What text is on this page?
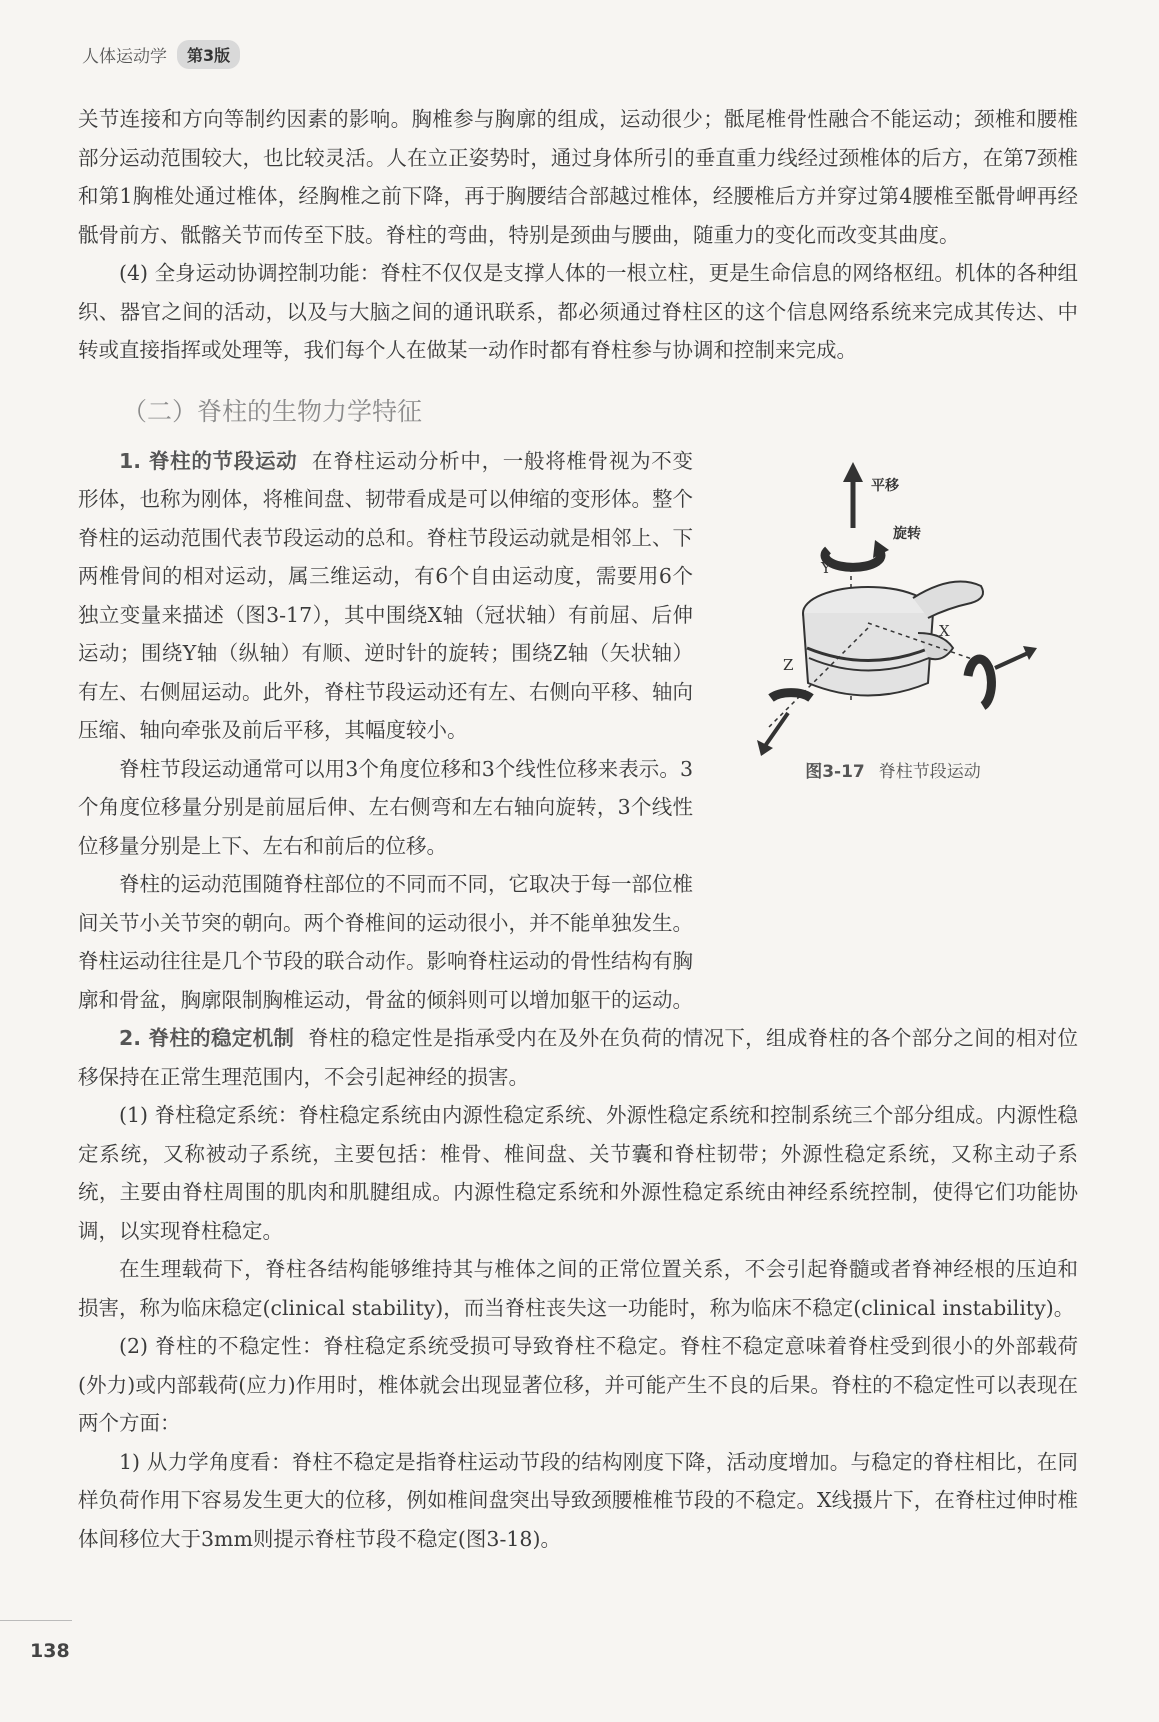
人体运动学	第3版

关节连接和方向等制约因素的影响。胸椎参与胸廓的组成，运动很少；骶尾椎骨性融合不能运动；颈椎和腰椎部分运动范围较大，也比较灵活。人在立正姿势时，通过身体所引的垂直重力线经过颈椎体的后方，在第7颈椎和第1胸椎处通过椎体，经胸椎之前下降，再于胸腰结合部越过椎体，经腰椎后方并穿过第4腰椎至骶骨岬再经骶骨前方、骶髂关节而传至下肢。脊柱的弯曲，特别是颈曲与腰曲，随重力的变化而改变其曲度。

(4) 全身运动协调控制功能：脊柱不仅仅是支撑人体的一根立柱，更是生命信息的网络枢纽。机体的各种组织、器官之间的活动，以及与大脑之间的通讯联系，都必须通过脊柱区的这个信息网络系统来完成其传达、中转或直接指挥或处理等，我们每个人在做某一动作时都有脊柱参与协调和控制来完成。

（二）脊柱的生物力学特征

1. 脊柱的节段运动 在脊柱运动分析中，一般将椎骨视为不变形体，也称为刚体，将椎间盘、韧带看成是可以伸缩的变形体。整个脊柱的运动范围代表节段运动的总和。脊柱节段运动就是相邻上、下两椎骨间的相对运动，属三维运动，有6个自由运动度，需要用6个独立变量来描述（图3-17），其中围绕X轴（冠状轴）有前屈、后伸运动；围绕Y轴（纵轴）有顺、逆时针的旋转；围绕Z轴（矢状轴）有左、右侧屈运动。此外，脊柱节段运动还有左、右侧向平移、轴向压缩、轴向牵张及前后平移，其幅度较小。

脊柱节段运动通常可以用3个角度位移和3个线性位移来表示。3个角度位移量分别是前屈后伸、左右侧弯和左右轴向旋转，3个线性位移量分别是上下、左右和前后的位移。

脊柱的运动范围随脊柱部位的不同而不同，它取决于每一部位椎间关节小关节突的朝向。两个脊椎间的运动很小，并不能单独发生。脊柱运动往往是几个节段的联合动作。影响脊柱运动的骨性结构有胸廓和骨盆，胸廓限制胸椎运动，骨盆的倾斜则可以增加躯干的运动。

平移
旋转
Y
X
Z
图3-17 脊柱节段运动

2. 脊柱的稳定机制 脊柱的稳定性是指承受内在及外在负荷的情况下，组成脊柱的各个部分之间的相对位移保持在正常生理范围内，不会引起神经的损害。

(1) 脊柱稳定系统：脊柱稳定系统由内源性稳定系统、外源性稳定系统和控制系统三个部分组成。内源性稳定系统，又称被动子系统，主要包括：椎骨、椎间盘、关节囊和脊柱韧带；外源性稳定系统，又称主动子系统，主要由脊柱周围的肌肉和肌腱组成。内源性稳定系统和外源性稳定系统由神经系统控制，使得它们功能协调，以实现脊柱稳定。

在生理载荷下，脊柱各结构能够维持其与椎体之间的正常位置关系，不会引起脊髓或者脊神经根的压迫和损害，称为临床稳定(clinical stability)，而当脊柱丧失这一功能时，称为临床不稳定(clinical instability)。

(2) 脊柱的不稳定性：脊柱稳定系统受损可导致脊柱不稳定。脊柱不稳定意味着脊柱受到很小的外部载荷(外力)或内部载荷(应力)作用时，椎体就会出现显著位移，并可能产生不良的后果。脊柱的不稳定性可以表现在两个方面：

1) 从力学角度看：脊柱不稳定是指脊柱运动节段的结构刚度下降，活动度增加。与稳定的脊柱相比，在同样负荷作用下容易发生更大的位移，例如椎间盘突出导致颈腰椎椎节段的不稳定。X线摄片下，在脊柱过伸时椎体间移位大于3mm则提示脊柱节段不稳定(图3-18)。

138
